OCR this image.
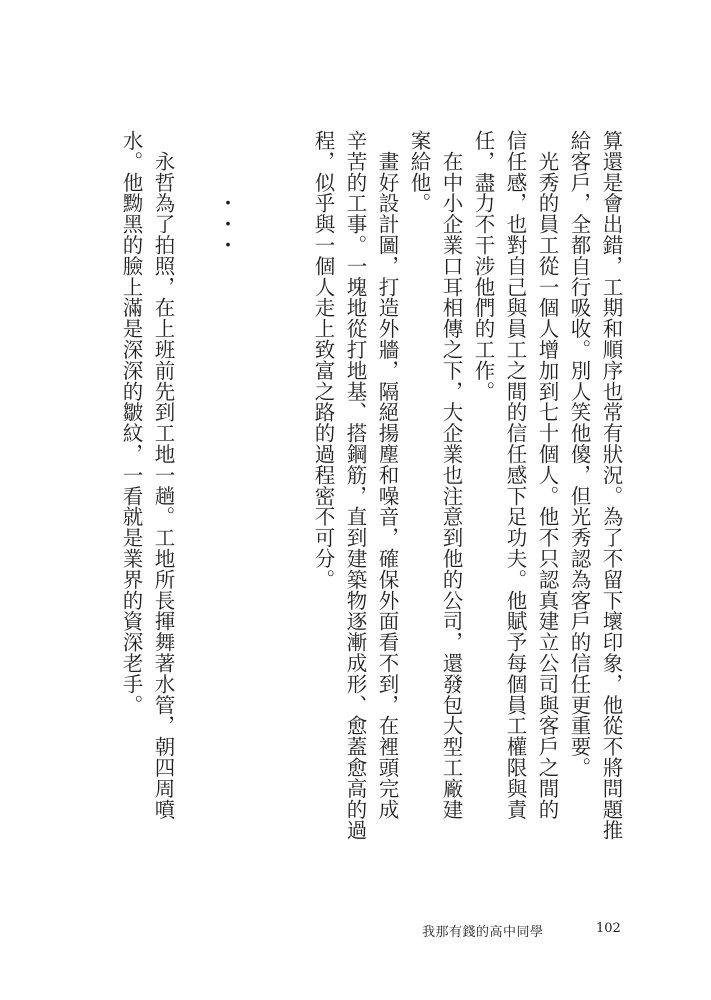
算還是會出錯，工期和順序也常有狀況。為了不留下壞印象，他從不將問題推
給客戶，全都自行吸收。別人笑他傻，但光秀認為客戶的信任更重要。
　光秀的員工從一個人增加到七十個人。他不只認真建立公司與客戶之間的
信任感，也對自己與員工之間的信任感下足功夫。他賦予每個員工權限與責
任，盡力不干涉他們的工作。
　在中小企業口耳相傳之下，大企業也注意到他的公司，還發包大型工廠建
案給他。
　畫好設計圖，打造外牆，隔絕揚塵和噪音，確保外面看不到，在裡頭完成
辛苦的工事。一塊地從打地基、搭鋼筋，直到建築物逐漸成形、愈蓋愈高的過
程，似乎與一個人走上致富之路的過程密不可分。
　　　・・・
　永哲為了拍照，在上班前先到工地一趟。工地所長揮舞著水管，朝四周噴
水。他黝黑的臉上滿是深深的皺紋，一看就是業界的資深老手。
我那有錢的高中同學	102
